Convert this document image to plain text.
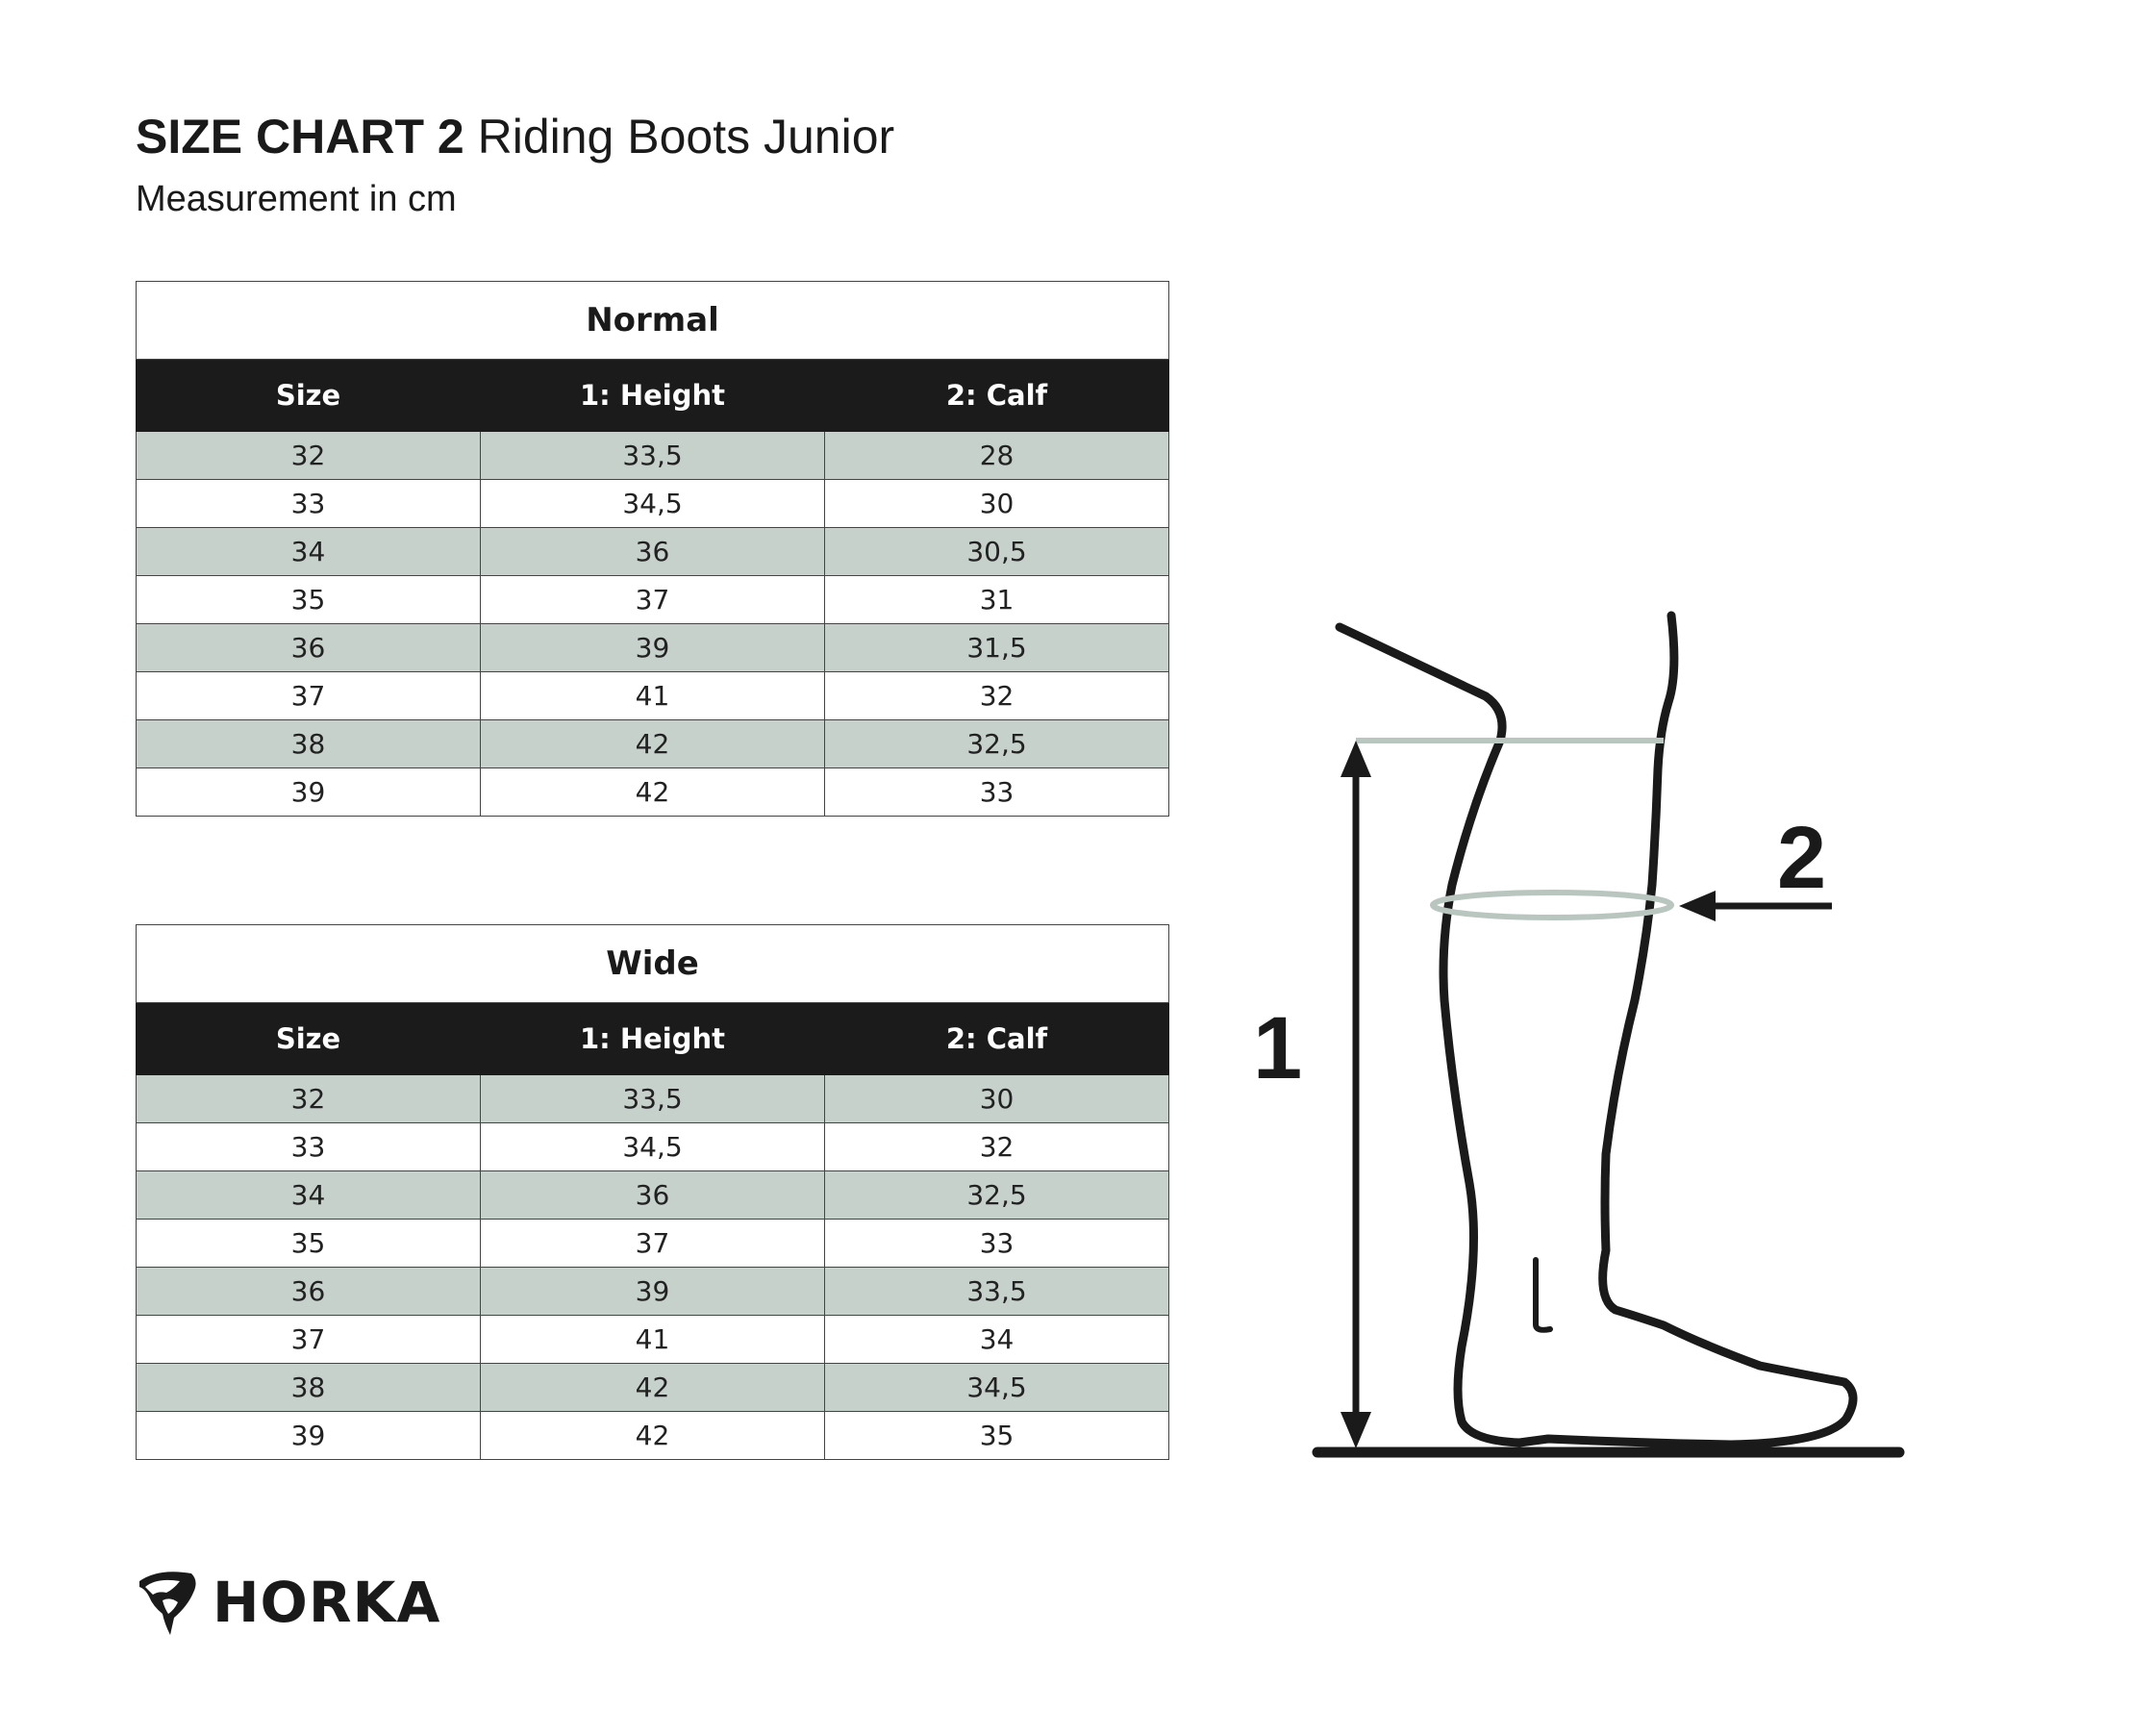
SIZE CHART 2 Riding Boots Junior
Measurement in cm
Normal		
Size	1: Height	2: Calf
32	33,5	28
33	34,5	30
34	36	30,5
35	37	31
36	39	31,5
37	41	32
38	42	32,5
39	42	33
Wide		
Size	1: Height	2: Calf
32	33,5	30
33	34,5	32
34	36	32,5
35	37	33
36	39	33,5
37	41	34
38	42	34,5
39	42	35
1
2
HORKA
